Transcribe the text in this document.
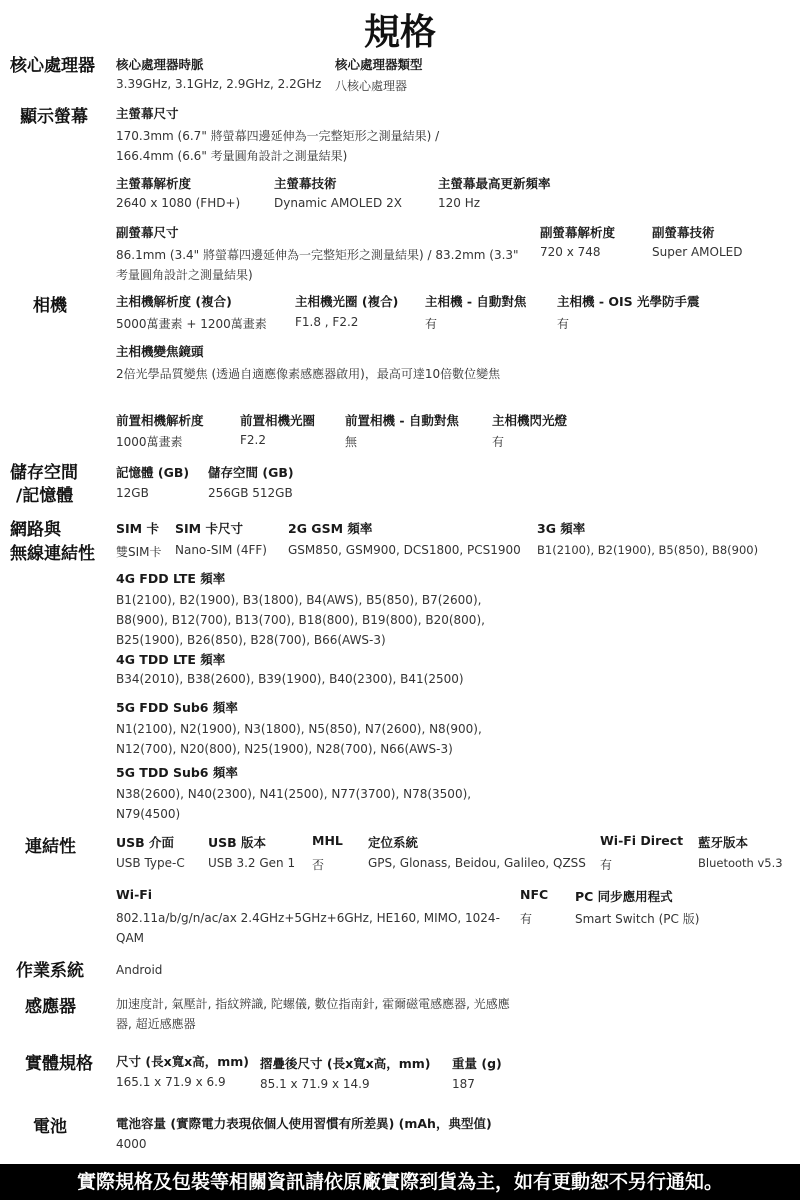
規格
核心處理器 核心處理器時脈
3.39GHz, 3.1GHz, 2.9GHz, 2.2GHz
核心處理器類型
八核心處理器
顯示螢幕 主螢幕尺寸
170.3mm (6.7" 將螢幕四邊延伸為一完整矩形之測量結果) / 166.4mm (6.6" 考量圓角設計之測量結果)
主螢幕解析度
2640 x 1080 (FHD+)
主螢幕技術
Dynamic AMOLED 2X
主螢幕最高更新頻率
120 Hz
副螢幕尺寸
86.1mm (3.4" 將螢幕四邊延伸為一完整矩形之測量結果) / 83.2mm (3.3" 考量圓角設計之測量結果)
副螢幕解析度
720 x 748
副螢幕技術
Super AMOLED
相機	主相機解析度 (複合)
5000萬畫素 + 1200萬畫素
主相機光圈 (複合)
F1.8 , F2.2
主相機 - 自動對焦
有
主相機 - OIS 光學防手震
有
主相機變焦鏡頭
2倍光學品質變焦 (透過自適應像素感應器啟用)，最高可達10倍數位變焦
前置相機解析度
1000萬畫素
前置相機光圈
F2.2
前置相機 - 自動對焦
無
主相機閃光燈
有
儲存空間
/記憶體
記憶體 (GB)
12GB
儲存空間 (GB)
256GB 512GB
網路與
無線連結性
SIM 卡
雙SIM卡
SIM 卡尺寸
Nano-SIM (4FF)
2G GSM 頻率
GSM850, GSM900, DCS1800, PCS1900
3G 頻率
B1(2100), B2(1900), B5(850), B8(900)
4G FDD LTE 頻率
B1(2100), B2(1900), B3(1800), B4(AWS), B5(850), B7(2600), B8(900), B12(700), B13(700), B18(800), B19(800), B20(800), B25(1900), B26(850), B28(700), B66(AWS-3)
4G TDD LTE 頻率
B34(2010), B38(2600), B39(1900), B40(2300), B41(2500)
5G FDD Sub6 頻率
N1(2100), N2(1900), N3(1800), N5(850), N7(2600), N8(900), N12(700), N20(800), N25(1900), N28(700), N66(AWS-3)
5G TDD Sub6 頻率
N38(2600), N40(2300), N41(2500), N77(3700), N78(3500), N79(4500)
連結性	USB 介面
USB Type-C
USB 版本
USB 3.2 Gen 1
MHL
否
定位系統
GPS, Glonass, Beidou, Galileo, QZSS
Wi-Fi Direct
有
藍牙版本
Bluetooth v5.3
Wi-Fi
802.11a/b/g/n/ac/ax 2.4GHz+5GHz+6GHz, HE160, MIMO, 1024-QAM
NFC
有
PC 同步應用程式
Smart Switch (PC 版)
作業系統	Android
感應器	加速度計, 氣壓計, 指紋辨識, 陀螺儀, 數位指南針, 霍爾磁電感應器, 光感應器, 超近感應器
實體規格 尺寸 (長x寬x高，mm)
165.1 x 71.9 x 6.9
摺疊後尺寸 (長x寬x高，mm)
85.1 x 71.9 x 14.9
重量 (g)
187
電池	電池容量 (實際電力表現依個人使用習慣有所差異) (mAh，典型值)
4000
實際規格及包裝等相關資訊請依原廠實際到貨為主，如有更動恕不另行通知。
